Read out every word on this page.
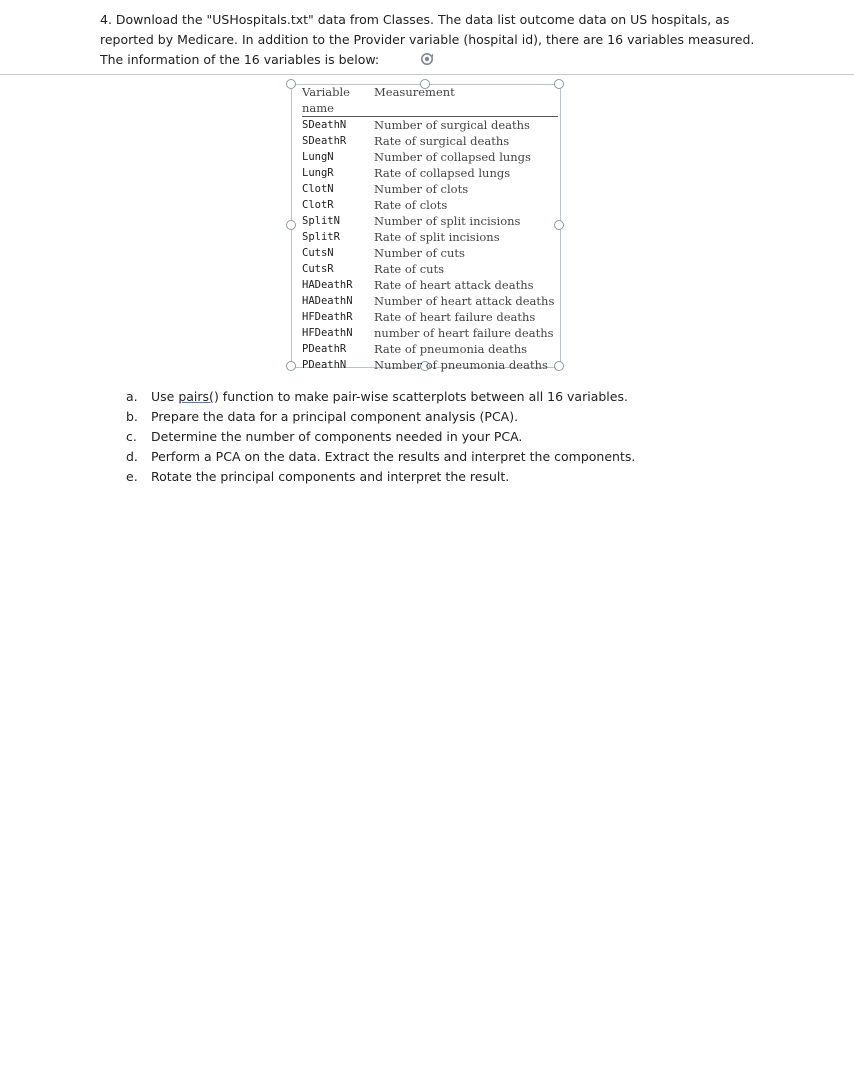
4. Download the "USHospitals.txt" data from Classes. The data list outcome data on US hospitals, as
reported by Medicare. In addition to the Provider variable (hospital id), there are 16 variables measured.
The information of the 16 variables is below:
Variable name	Measurement
SDeathN	Number of surgical deaths
SDeathR	Rate of surgical deaths
LungN	Number of collapsed lungs
LungR	Rate of collapsed lungs
ClotN	Number of clots
ClotR	Rate of clots
SplitN	Number of split incisions
SplitR	Rate of split incisions
CutsN	Number of cuts
CutsR	Rate of cuts
HADeathR	Rate of heart attack deaths
HADeathN	Number of heart attack deaths
HFDeathR	Rate of heart failure deaths
HFDeathN	number of heart failure deaths
PDeathR	Rate of pneumonia deaths
PDeathN	Number of pneumonia deaths
a. Use pairs() function to make pair-wise scatterplots between all 16 variables.
b. Prepare the data for a principal component analysis (PCA).
c. Determine the number of components needed in your PCA.
d. Perform a PCA on the data. Extract the results and interpret the components.
e. Rotate the principal components and interpret the result.
